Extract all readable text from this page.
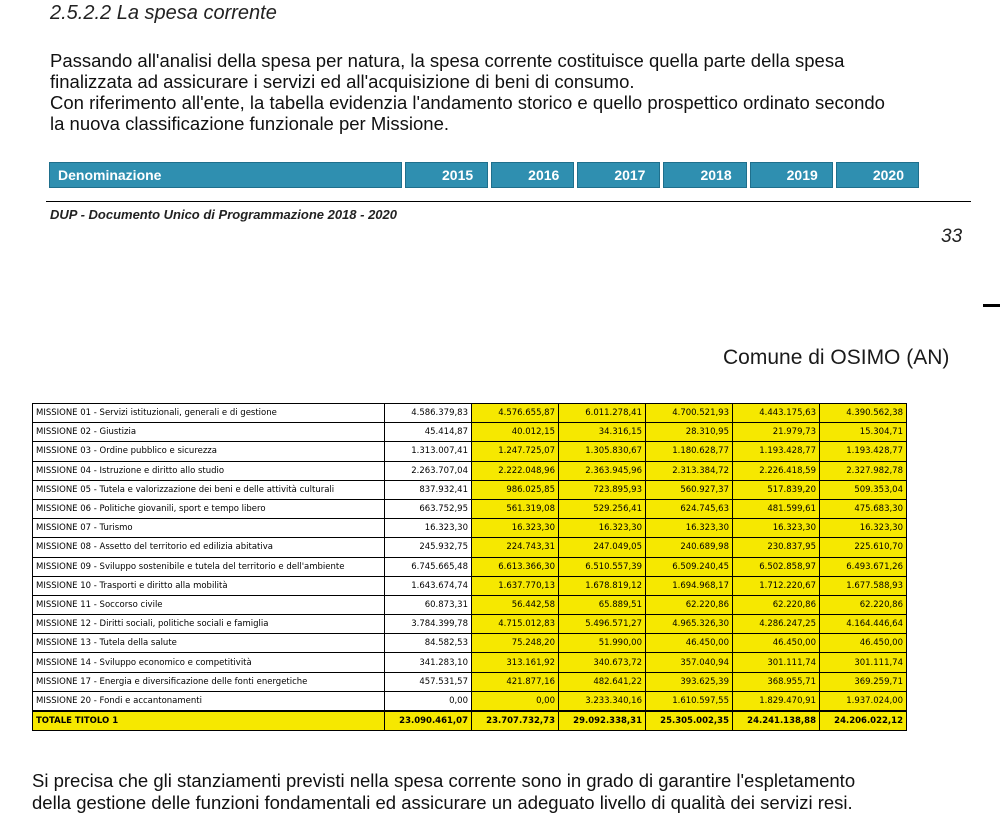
2.5.2.2 La spesa corrente

Passando all'analisi della spesa per natura, la spesa corrente costituisce quella parte della spesa

finalizzata ad assicurare i servizi ed all'acquisizione di beni di consumo.

Con riferimento all'ente, la tabella evidenzia l'andamento storico e quello prospettico ordinato secondo

la nuova classificazione funzionale per Missione.

Denominazione	2015	2016	2017	2018	2019	2020
DUP - Documento Unico di Programmazione 2018 - 2020
33
Comune di OSIMO (AN)
MISSIONE 01 - Servizi istituzionali, generali e di gestione	4.586.379,83	4.576.655,87	6.011.278,41	4.700.521,93	4.443.175,63	4.390.562,38
MISSIONE 02 - Giustizia	45.414,87	40.012,15	34.316,15	28.310,95	21.979,73	15.304,71
MISSIONE 03 - Ordine pubblico e sicurezza	1.313.007,41	1.247.725,07	1.305.830,67	1.180.628,77	1.193.428,77	1.193.428,77
MISSIONE 04 - Istruzione e diritto allo studio	2.263.707,04	2.222.048,96	2.363.945,96	2.313.384,72	2.226.418,59	2.327.982,78
MISSIONE 05 - Tutela e valorizzazione dei beni e delle attività culturali	837.932,41	986.025,85	723.895,93	560.927,37	517.839,20	509.353,04
MISSIONE 06 - Politiche giovanili, sport e tempo libero	663.752,95	561.319,08	529.256,41	624.745,63	481.599,61	475.683,30
MISSIONE 07 - Turismo	16.323,30	16.323,30	16.323,30	16.323,30	16.323,30	16.323,30
MISSIONE 08 - Assetto del territorio ed edilizia abitativa	245.932,75	224.743,31	247.049,05	240.689,98	230.837,95	225.610,70
MISSIONE 09 - Sviluppo sostenibile e tutela del territorio e dell'ambiente	6.745.665,48	6.613.366,30	6.510.557,39	6.509.240,45	6.502.858,97	6.493.671,26
MISSIONE 10 - Trasporti e diritto alla mobilità	1.643.674,74	1.637.770,13	1.678.819,12	1.694.968,17	1.712.220,67	1.677.588,93
MISSIONE 11 - Soccorso civile	60.873,31	56.442,58	65.889,51	62.220,86	62.220,86	62.220,86
MISSIONE 12 - Diritti sociali, politiche sociali e famiglia	3.784.399,78	4.715.012,83	5.496.571,27	4.965.326,30	4.286.247,25	4.164.446,64
MISSIONE 13 - Tutela della salute	84.582,53	75.248,20	51.990,00	46.450,00	46.450,00	46.450,00
MISSIONE 14 - Sviluppo economico e competitività	341.283,10	313.161,92	340.673,72	357.040,94	301.111,74	301.111,74
MISSIONE 17 - Energia e diversificazione delle fonti energetiche	457.531,57	421.877,16	482.641,22	393.625,39	368.955,71	369.259,71
MISSIONE 20 - Fondi e accantonamenti	0,00	0,00	3.233.340,16	1.610.597,55	1.829.470,91	1.937.024,00
TOTALE TITOLO 1	23.090.461,07	23.707.732,73	29.092.338,31	25.305.002,35	24.241.138,88	24.206.022,12

Si precisa che gli stanziamenti previsti nella spesa corrente sono in grado di garantire l'espletamento

della gestione delle funzioni fondamentali ed assicurare un adeguato livello di qualità dei servizi resi.
